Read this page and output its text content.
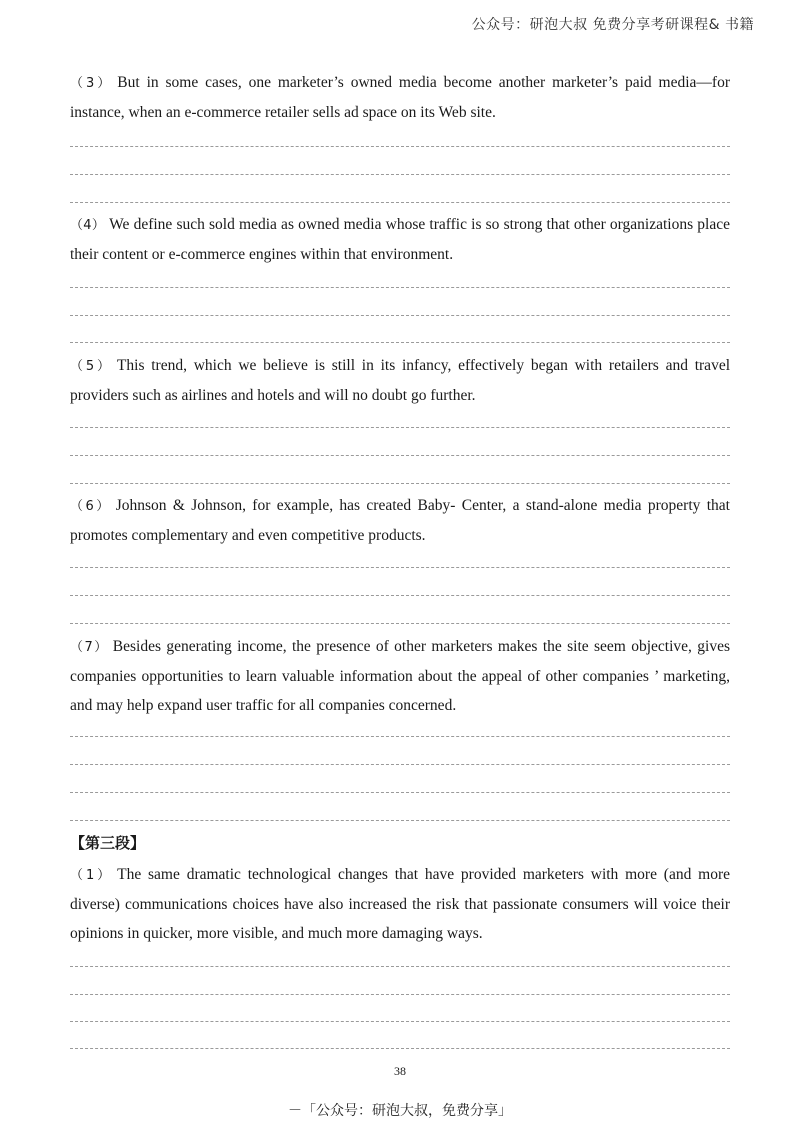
公众号：研泡大叔 免费分享考研课程& 书籍
（3） But in some cases, one marketer’s owned media become another marketer’s paid media—for instance, when an e-commerce retailer sells ad space on its Web site.
（4） We define such sold media as owned media whose traffic is so strong that other organizations place their content or e-commerce engines within that environment.
（5） This trend, which we believe is still in its infancy, effectively began with retailers and travel providers such as airlines and hotels and will no doubt go further.
（6） Johnson & Johnson, for example, has created Baby- Center, a stand-alone media property that promotes complementary and even competitive products.
（7） Besides generating income, the presence of other marketers makes the site seem objective, gives companies opportunities to learn valuable information about the appeal of other companies ’ marketing, and may help expand user traffic for all companies concerned.
【第三段】
（1） The same dramatic technological changes that have provided marketers with more (and more diverse) communications choices have also increased the risk that passionate consumers will voice their opinions in quicker, more visible, and much more damaging ways.
38
－「公众号：研泡大叔，免费分享」
